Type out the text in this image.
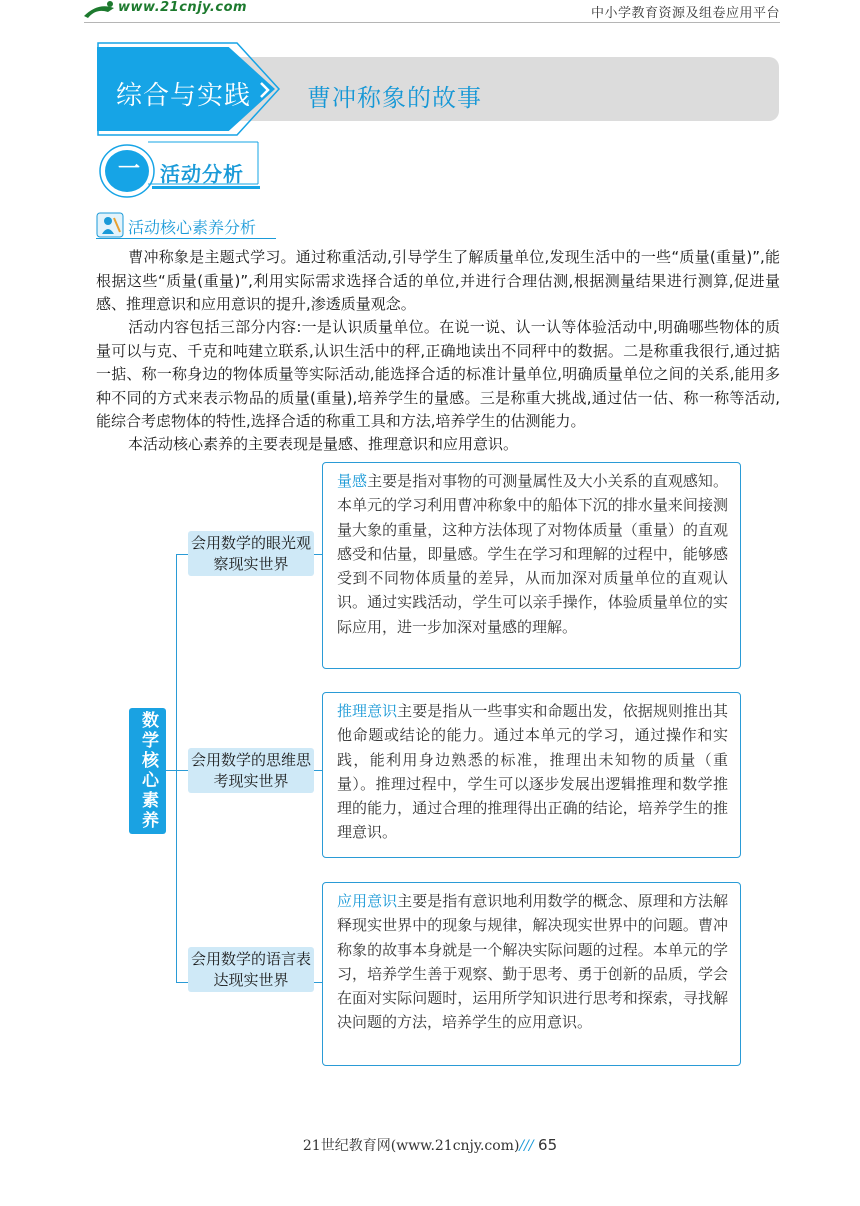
www.21cnjy.com	中小学教育资源及组卷应用平台
综合与实践 曹冲称象的故事
一 活动分析
活动核心素养分析
曹冲称象是主题式学习。通过称重活动,引导学生了解质量单位,发现生活中的一些“质量(重量)”,能根据这些“质量(重量)”,利用实际需求选择合适的单位,并进行合理估测,根据测量结果进行测算,促进量感、推理意识和应用意识的提升,渗透质量观念。
活动内容包括三部分内容:一是认识质量单位。在说一说、认一认等体验活动中,明确哪些物体的质量可以与克、千克和吨建立联系,认识生活中的秤,正确地读出不同秤中的数据。二是称重我很行,通过掂一掂、称一称身边的物体质量等实际活动,能选择合适的标准计量单位,明确质量单位之间的关系,能用多种不同的方式来表示物品的质量(重量),培养学生的量感。三是称重大挑战,通过估一估、称一称等活动,能综合考虑物体的特性,选择合适的称重工具和方法,培养学生的估测能力。
本活动核心素养的主要表现是量感、推理意识和应用意识。
数学核心素养
会用数学的眼光观察现实世界
会用数学的思维思考现实世界
会用数学的语言表达现实世界
量感主要是指对事物的可测量属性及大小关系的直观感知。本单元的学习利用曹冲称象中的船体下沉的排水量来间接测量大象的重量，这种方法体现了对物体质量（重量）的直观感受和估量，即量感。学生在学习和理解的过程中，能够感受到不同物体质量的差异，从而加深对质量单位的直观认识。通过实践活动，学生可以亲手操作，体验质量单位的实际应用，进一步加深对量感的理解。
推理意识主要是指从一些事实和命题出发，依据规则推出其他命题或结论的能力。通过本单元的学习，通过操作和实践，能利用身边熟悉的标准，推理出未知物的质量（重量）。推理过程中，学生可以逐步发展出逻辑推理和数学推理的能力，通过合理的推理得出正确的结论，培养学生的推理意识。
应用意识主要是指有意识地利用数学的概念、原理和方法解释现实世界中的现象与规律，解决现实世界中的问题。曹冲称象的故事本身就是一个解决实际问题的过程。本单元的学习，培养学生善于观察、勤于思考、勇于创新的品质，学会在面对实际问题时，运用所学知识进行思考和探索，寻找解决问题的方法，培养学生的应用意识。
21世纪教育网(www.21cnjy.com)/// 65
